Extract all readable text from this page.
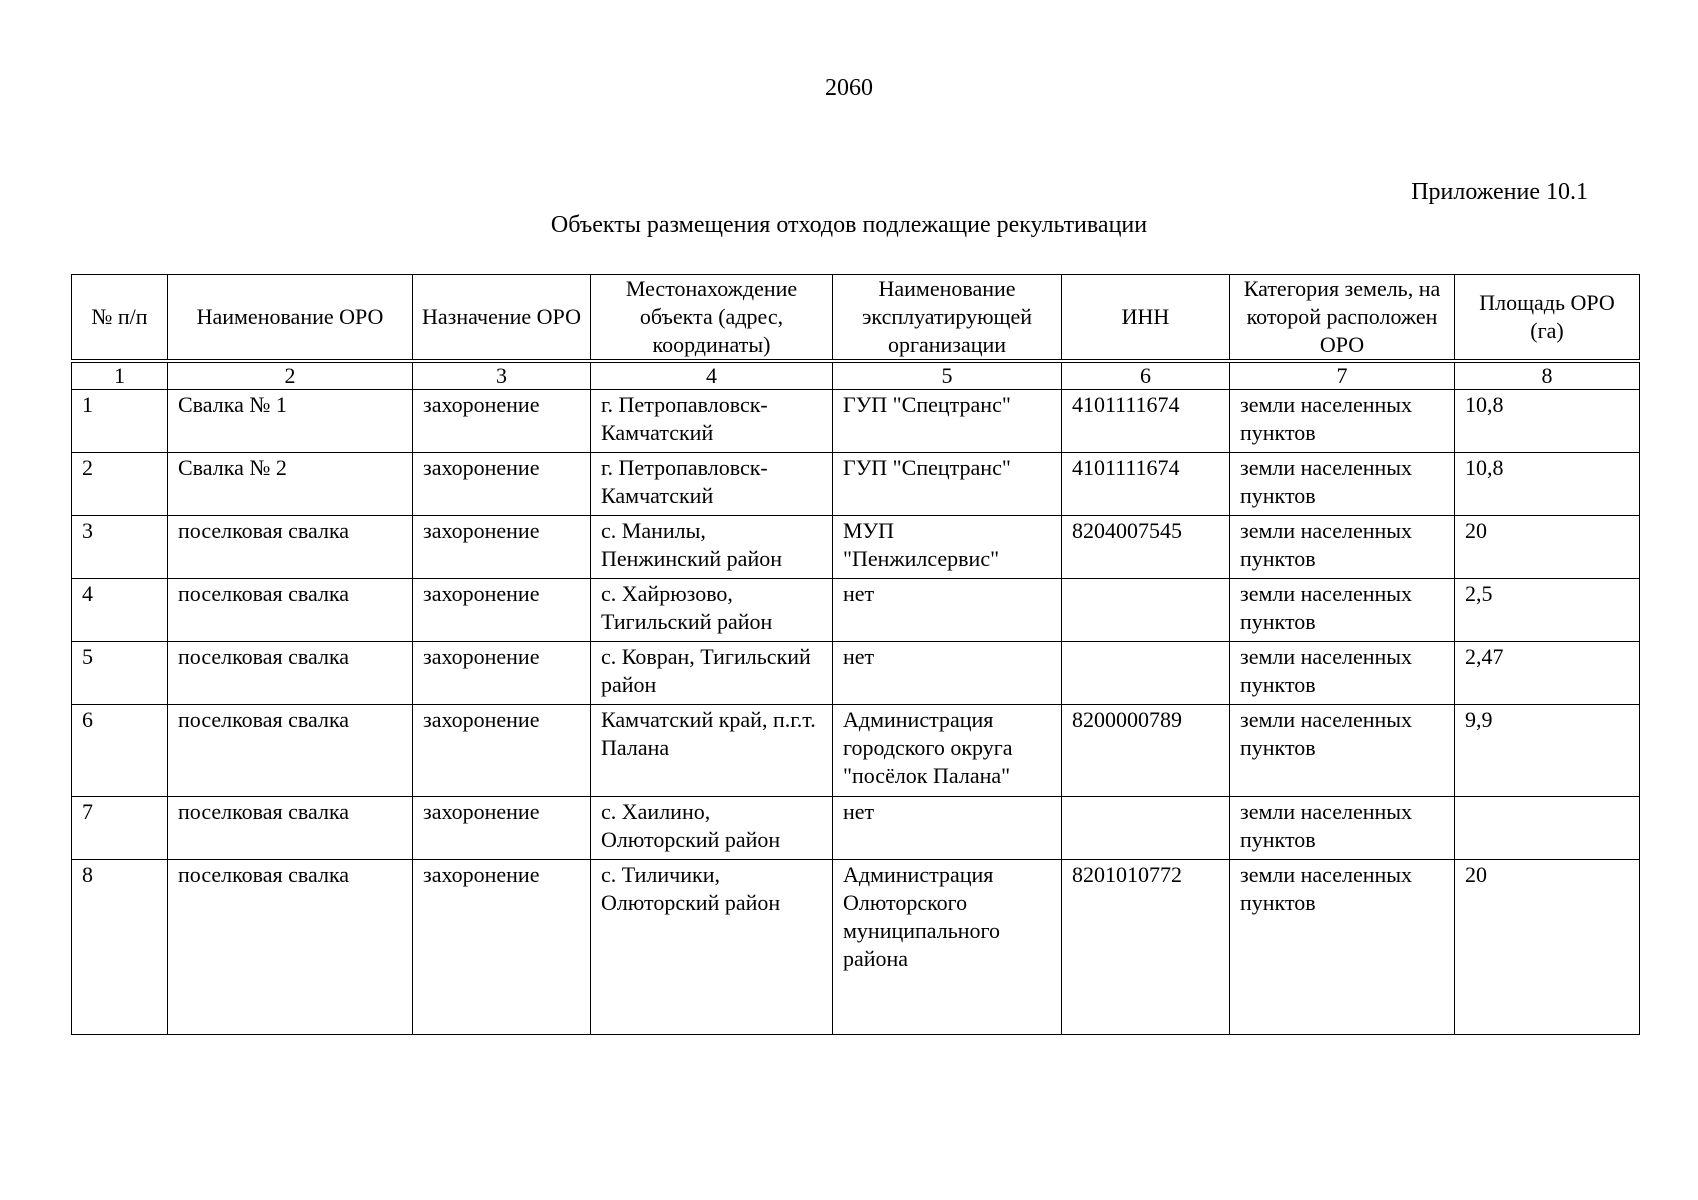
2060
Приложение 10.1
Объекты размещения отходов подлежащие рекультивации
№ п/п	Наименование ОРО	Назначение ОРО	Местонахождение объекта (адрес, координаты)	Наименование эксплуатирующей организации	ИНН	Категория земель, на которой расположен ОРО	Площадь ОРО (га)
1	2	3	4	5	6	7	8
1	Свалка № 1	захоронение	г. Петропавловск-Камчатский	ГУП "Спецтранс"	4101111674	земли населенных пунктов	10,8
2	Свалка № 2	захоронение	г. Петропавловск-Камчатский	ГУП "Спецтранс"	4101111674	земли населенных пунктов	10,8
3	поселковая свалка	захоронение	с. Манилы, Пенжинский район	МУП "Пенжилсервис"	8204007545	земли населенных пунктов	20
4	поселковая свалка	захоронение	с. Хайрюзово, Тигильский район	нет		земли населенных пунктов	2,5
5	поселковая свалка	захоронение	с. Ковран, Тигильский район	нет		земли населенных пунктов	2,47
6	поселковая свалка	захоронение	Камчатский край, п.г.т. Палана	Администрация городского округа "посёлок Палана"	8200000789	земли населенных пунктов	9,9
7	поселковая свалка	захоронение	с. Хаилино, Олюторский район	нет		земли населенных пунктов	
8	поселковая свалка	захоронение	с. Тиличики, Олюторский район	Администрация Олюторского муниципального района	8201010772	земли населенных пунктов	20
